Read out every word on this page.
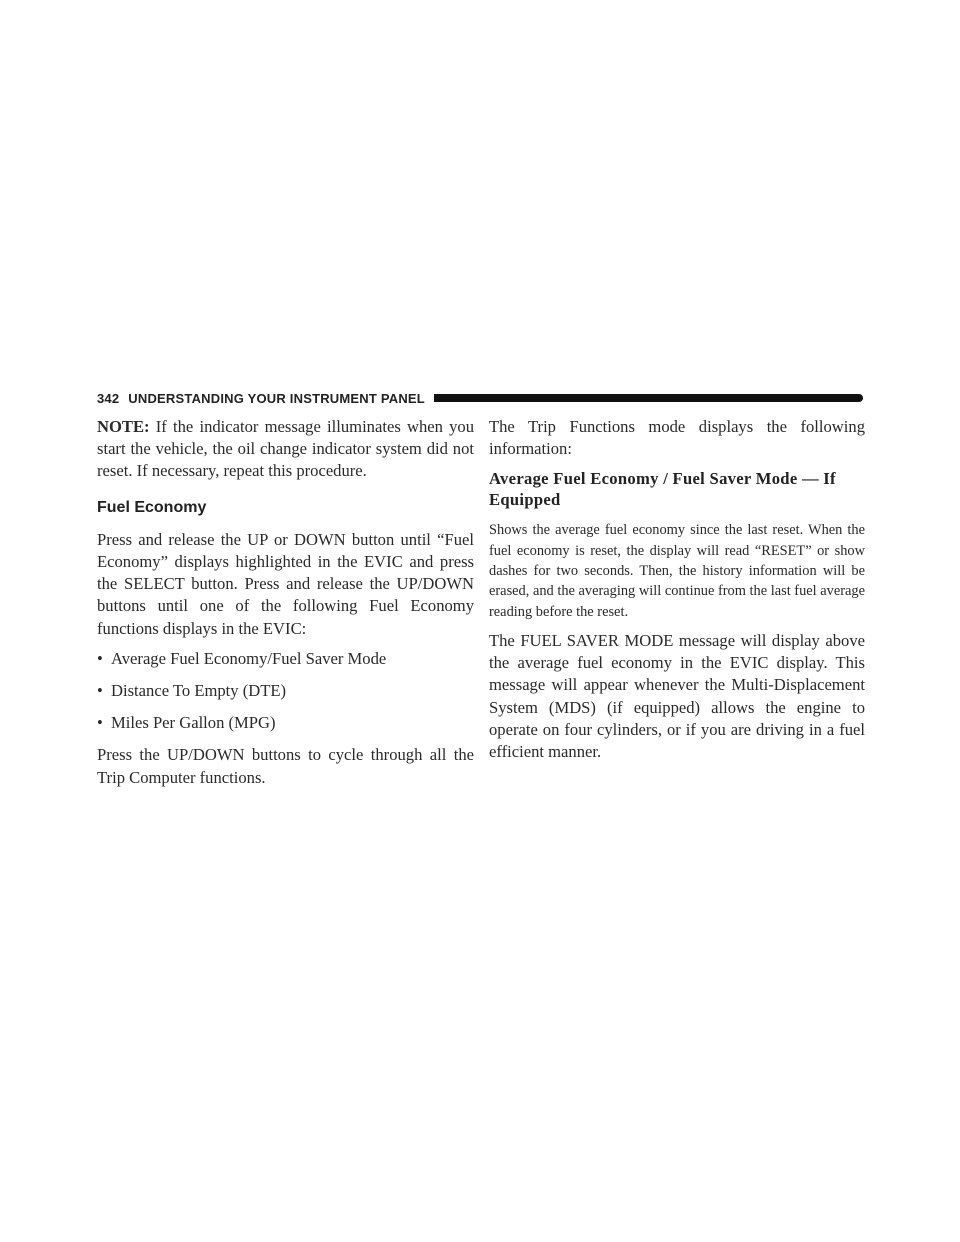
342 UNDERSTANDING YOUR INSTRUMENT PANEL

NOTE: If the indicator message illuminates when you start the vehicle, the oil change indicator system did not reset. If necessary, repeat this procedure.

Fuel Economy

Press and release the UP or DOWN button until “Fuel Economy” displays highlighted in the EVIC and press the SELECT button. Press and release the UP/DOWN buttons until one of the following Fuel Economy functions displays in the EVIC:

• Average Fuel Economy/Fuel Saver Mode
• Distance To Empty (DTE)
• Miles Per Gallon (MPG)

Press the UP/DOWN buttons to cycle through all the Trip Computer functions.

The Trip Functions mode displays the following information:

Average Fuel Economy / Fuel Saver Mode — If Equipped

Shows the average fuel economy since the last reset. When the fuel economy is reset, the display will read “RESET” or show dashes for two seconds. Then, the history information will be erased, and the averaging will continue from the last fuel average reading before the reset.

The FUEL SAVER MODE message will display above the average fuel economy in the EVIC display. This message will appear whenever the Multi-Displacement System (MDS) (if equipped) allows the engine to operate on four cylinders, or if you are driving in a fuel efficient manner.
